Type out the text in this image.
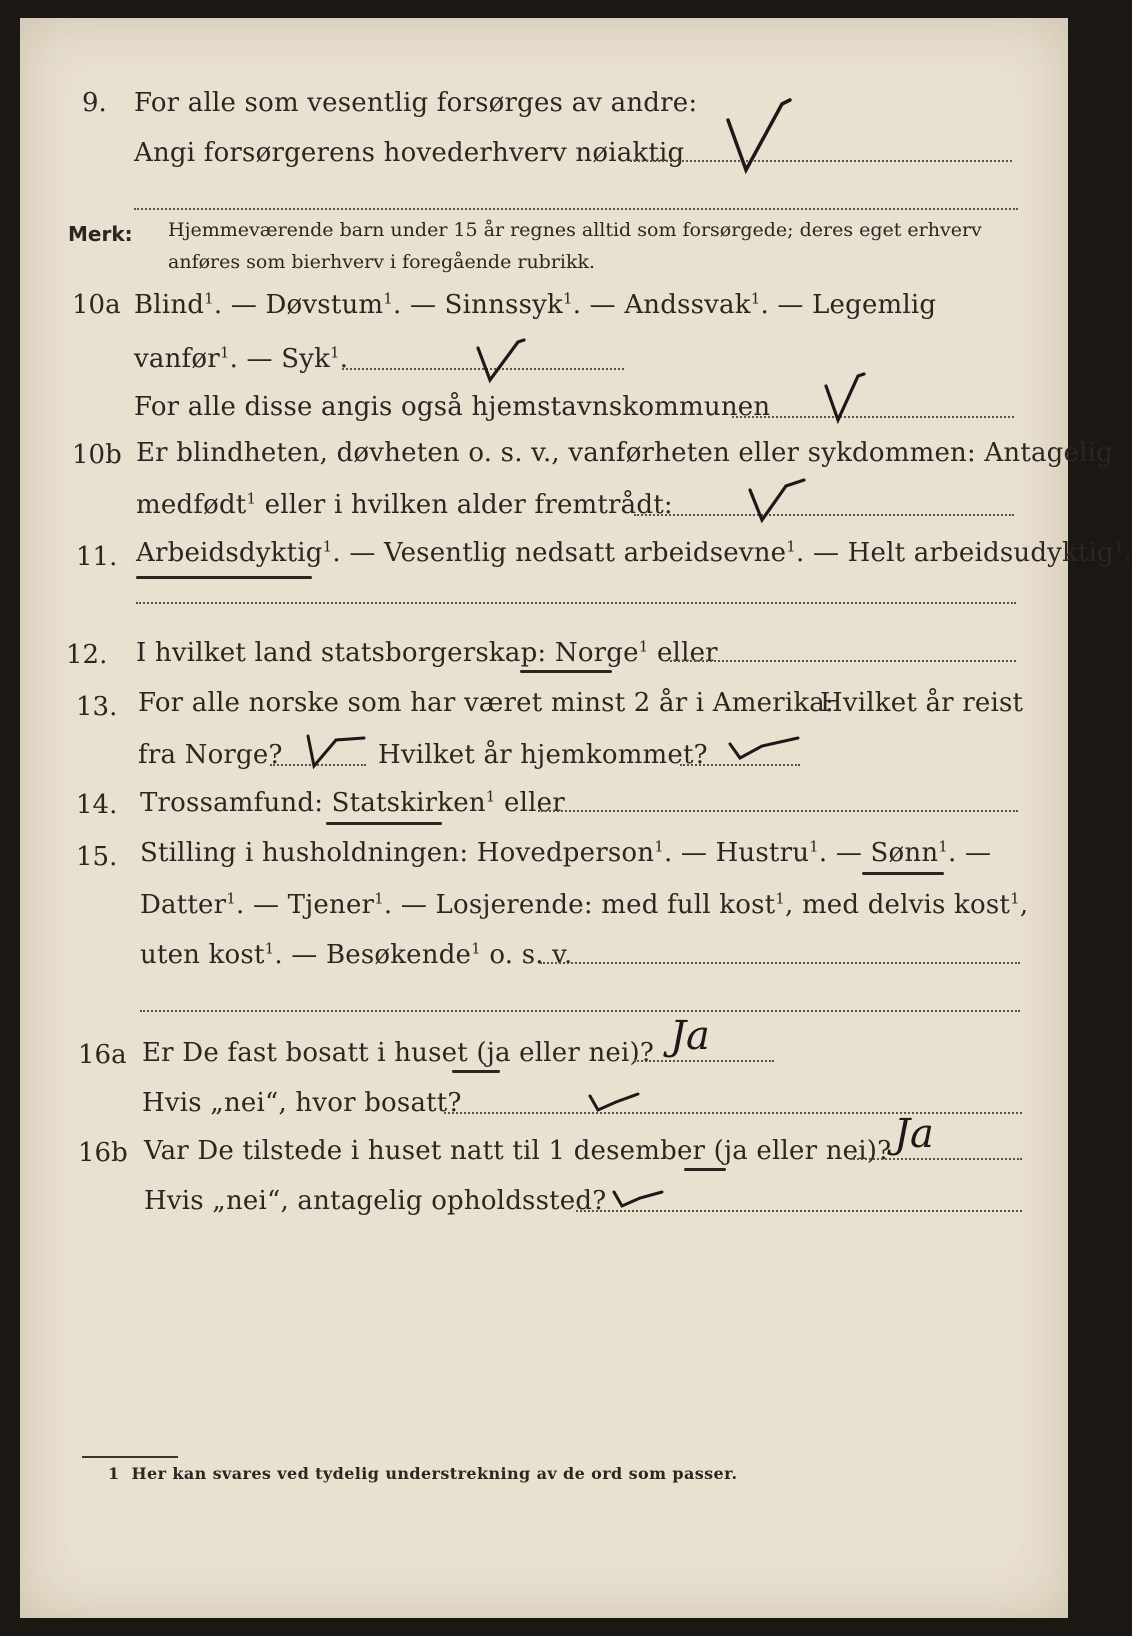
9. For alle som vesentlig forsørges av andre:
Angi forsørgerens hovederhverv nøiaktig
Merk: Hjemmeværende barn under 15 år regnes alltid som forsørgede; deres eget erhverv anføres som bierhverv i foregående rubrikk.
10a Blind$^1$. — Døvstum$^1$. — Sinnssyk$^1$. — Andssvak$^1$. — Legemlig
vanfør$^1$. — Syk$^1$.
For alle disse angis også hjemstavnskommunen
10b Er blindheten, døvheten o. s. v., vanførheten eller sykdommen: Antagelig
medfødt$^1$ eller i hvilken alder fremtrådt:
11. Arbeidsdyktig$^1$. — Vesentlig nedsatt arbeidsevne$^1$. — Helt arbeidsudyktig$^1$.
12. I hvilket land statsborgerskap: Norge$^1$ eller
13. For alle norske som har været minst 2 år i Amerika:
Hvilket år reist
fra Norge?	Hvilket år hjemkommet?
14. Trossamfund: Statskirken$^1$ eller
15. Stilling i husholdningen: Hovedperson$^1$. — Hustru$^1$. — Sønn$^1$. —
Datter$^1$. — Tjener$^1$. — Losjerende: med full kost$^1$, med delvis kost$^1$,
uten kost$^1$. — Besøkende$^1$ o. s. v.
16a Er De fast bosatt i huset (ja eller nei)? Ja
Hvis „nei“, hvor bosatt?
16b Var De tilstede i huset natt til 1 desember (ja eller nei)? Ja
Hvis „nei“, antagelig opholdssted?
1 Her kan svares ved tydelig understrekning av de ord som passer.
